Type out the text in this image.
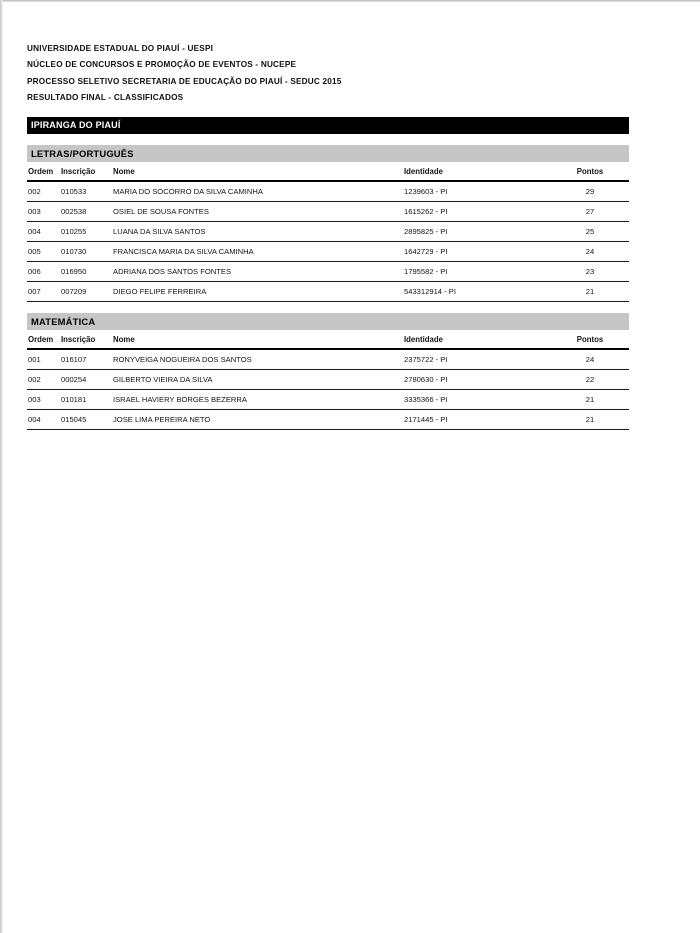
UNIVERSIDADE ESTADUAL DO PIAUÍ - UESPI
NÚCLEO DE CONCURSOS E PROMOÇÃO DE EVENTOS - NUCEPE
PROCESSO SELETIVO SECRETARIA DE EDUCAÇÃO DO PIAUÍ - SEDUC 2015
RESULTADO FINAL - CLASSIFICADOS
IPIRANGA DO PIAUÍ
LETRAS/PORTUGUÊS
Ordem	Inscrição	Nome	Identidade	Pontos
002	010533	MARIA DO SOCORRO DA SILVA CAMINHA	1239603 - PI	29
003	002538	OSIEL DE SOUSA FONTES	1615262 - PI	27
004	010255	LUANA DA SILVA SANTOS	2895825 - PI	25
005	010730	FRANCISCA MARIA DA SILVA CAMINHA	1642729 - PI	24
006	016950	ADRIANA DOS SANTOS FONTES	1795582 - PI	23
007	007209	DIEGO FELIPE FERREIRA	543312914 - PI	21
MATEMÁTICA
Ordem	Inscrição	Nome	Identidade	Pontos
001	016107	RONYVEIGA NOGUEIRA DOS SANTOS	2375722 - PI	24
002	000254	GILBERTO VIEIRA DA SILVA	2780630 - PI	22
003	010181	ISRAEL HAVIERY BORGES BEZERRA	3335366 - PI	21
004	015045	JOSE LIMA PEREIRA NETO	2171445 - PI	21
